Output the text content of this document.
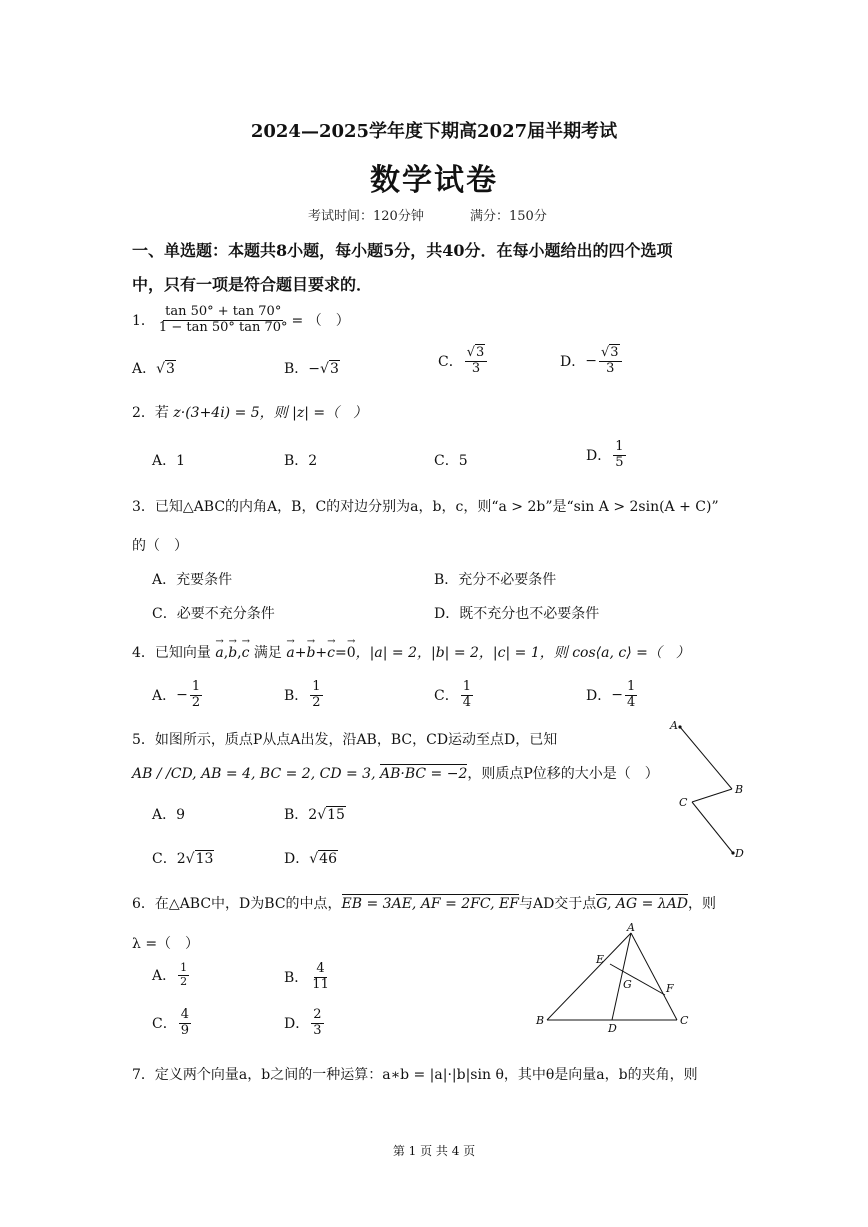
2024—2025学年度下期高2027届半期考试
数学试卷
考试时间：120分钟	满分：150分
一、单选题：本题共8小题，每小题5分，共40分．在每小题给出的四个选项
中，只有一项是符合题目要求的．
1． $\frac{\tan 50^\circ + \tan 70^\circ}{1 - \tan 50^\circ \tan 70^\circ}$ = （　）
A．√3	B．−√3	C． $\frac{√3}{3}$	D． − $\frac{√3}{3}$
2．若 z·(3+4i) = 5，则 |z| =（　）
A．1	B．2	C．5	D． $\frac{1}{5}$
3．已知△ABC的内角A，B，C的对边分别为a，b，c，则“a > 2b”是“sin A > 2sin(A + C)”
的（　）
A．充要条件	B．充分不必要条件
C．必要不充分条件	D．既不充分也不必要条件
4．已知向量 → a,→ b,→ c 满足 → a+→ b+→ c=→ 0，|a| = 2，|b| = 2，|c| = 1，则 cos⟨a, c⟩ =（　）
A． − $\frac{1}{2}$	B． $\frac{1}{2}$	C． $\frac{1}{4}$	D． − $\frac{1}{4}$
5．如图所示，质点P从点A出发，沿AB，BC，CD运动至点D，已知
AB / /CD, AB = 4, BC = 2, CD = 3, AB·BC = −2，则质点P位移的大小是（　）
A．9	B．2√15
C．2√13	D．√46
A
B
C
D
6．在△ABC中，D为BC的中点，EB = 3AE, AF = 2FC, EF与AD交于点G, AG = λAD，则
λ =（　）
A． $\frac{1}{2}$	B． $\frac{4}{11}$
C． $\frac{4}{9}$	D． $\frac{2}{3}$
A
E
G	F
B
D
C
7．定义两个向量a，b之间的一种运算：a∗b = |a|·|b|sin θ，其中θ是向量a，b的夹角，则
第 1 页 共 4 页
